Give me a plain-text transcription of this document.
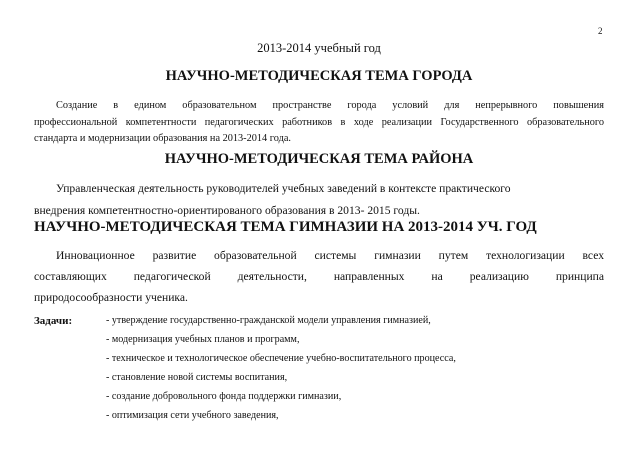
2
2013-2014 учебный год
НАУЧНО-МЕТОДИЧЕСКАЯ ТЕМА ГОРОДА
Создание в едином образовательном пространстве города условий для непрерывного повышения
профессиональной компетентности педагогических работников в ходе реализации Государственного образовательного
стандарта и модернизации образования на 2013-2014 года.
НАУЧНО-МЕТОДИЧЕСКАЯ ТЕМА РАЙОНА
Управленческая деятельность руководителей учебных заведений в контексте практического
внедрения компетентностно-ориентированого образования в 2013- 2015 годы.
НАУЧНО-МЕТОДИЧЕСКАЯ ТЕМА ГИМНАЗИИ НА 2013-2014 УЧ. ГОД
Инновационное развитие образовательной системы гимназии путем технологизации всех
составляющих педагогической деятельности, направленных на реализацию принципа
природосообразности ученика.
Задачи:	- утверждение государственно-гражданской модели управления гимназией,
- модернизация учебных планов и программ,
- техническое и технологическое обеспечение учебно-воспитательного процесса,
- становление новой системы воспитания,
- создание добровольного фонда поддержки гимназии,
- оптимизация сети учебного заведения,
